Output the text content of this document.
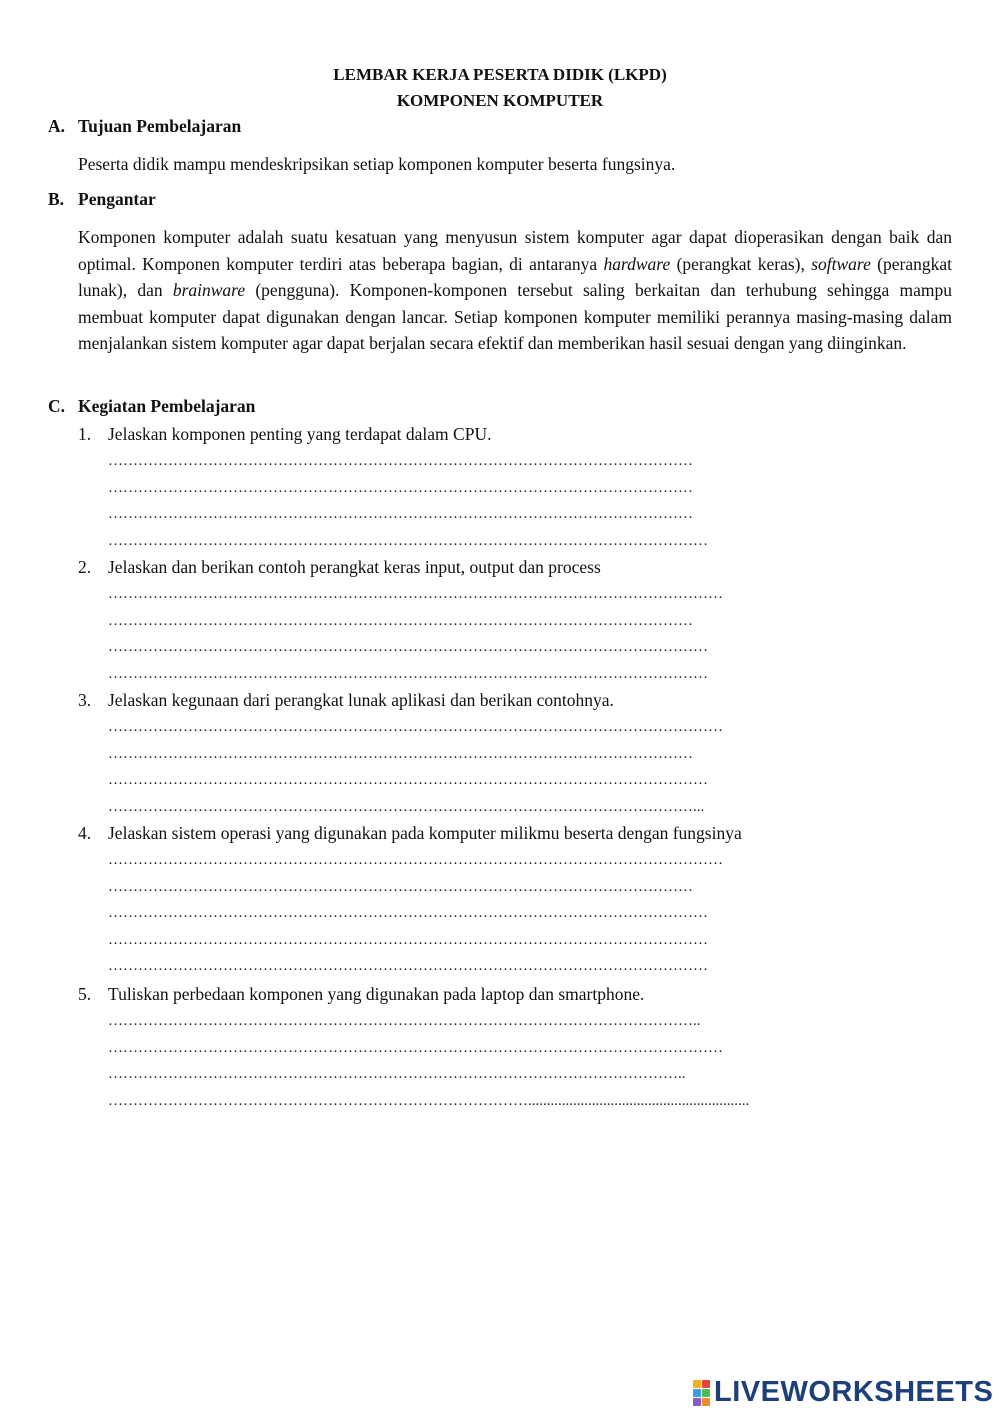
LEMBAR KERJA PESERTA DIDIK (LKPD)
KOMPONEN KOMPUTER
A. Tujuan Pembelajaran
Peserta didik mampu mendeskripsikan setiap komponen komputer beserta fungsinya.
B. Pengantar
Komponen komputer adalah suatu kesatuan yang menyusun sistem komputer agar dapat dioperasikan dengan baik dan optimal. Komponen komputer terdiri atas beberapa bagian, di antaranya hardware (perangkat keras), software (perangkat lunak), dan brainware (pengguna). Komponen-komponen tersebut saling berkaitan dan terhubung sehingga mampu membuat komputer dapat digunakan dengan lancar. Setiap komponen komputer memiliki perannya masing-masing dalam menjalankan sistem komputer agar dapat berjalan secara efektif dan memberikan hasil sesuai dengan yang diinginkan.
C. Kegiatan Pembelajaran
1. Jelaskan komponen penting yang terdapat dalam CPU.
………………………………………………………………………………………………………
………………………………………………………………………………………………………
………………………………………………………………………………………………………
…………………………………………………………………………………………………………
2. Jelaskan dan berikan contoh perangkat keras input, output dan process
……………………………………………………………………………………………………………
………………………………………………………………………………………………………
…………………………………………………………………………………………………………
…………………………………………………………………………………………………………
3. Jelaskan kegunaan dari perangkat lunak aplikasi dan berikan contohnya.
……………………………………………………………………………………………………………
………………………………………………………………………………………………………
…………………………………………………………………………………………………………
………………………………………………………………………………………………………...
4. Jelaskan sistem operasi yang digunakan pada komputer milikmu beserta dengan fungsinya
……………………………………………………………………………………………………………
………………………………………………………………………………………………………
…………………………………………………………………………………………………………
…………………………………………………………………………………………………………
…………………………………………………………………………………………………………
5. Tuliskan perbedaan komponen yang digunakan pada laptop dan smartphone.
………………………………………………………………………………………………………..
……………………………………………………………………………………………………………
……………………………………………………………………………………………………..
…………………………………………………………………………...........................................................
LIVEWORKSHEETS
